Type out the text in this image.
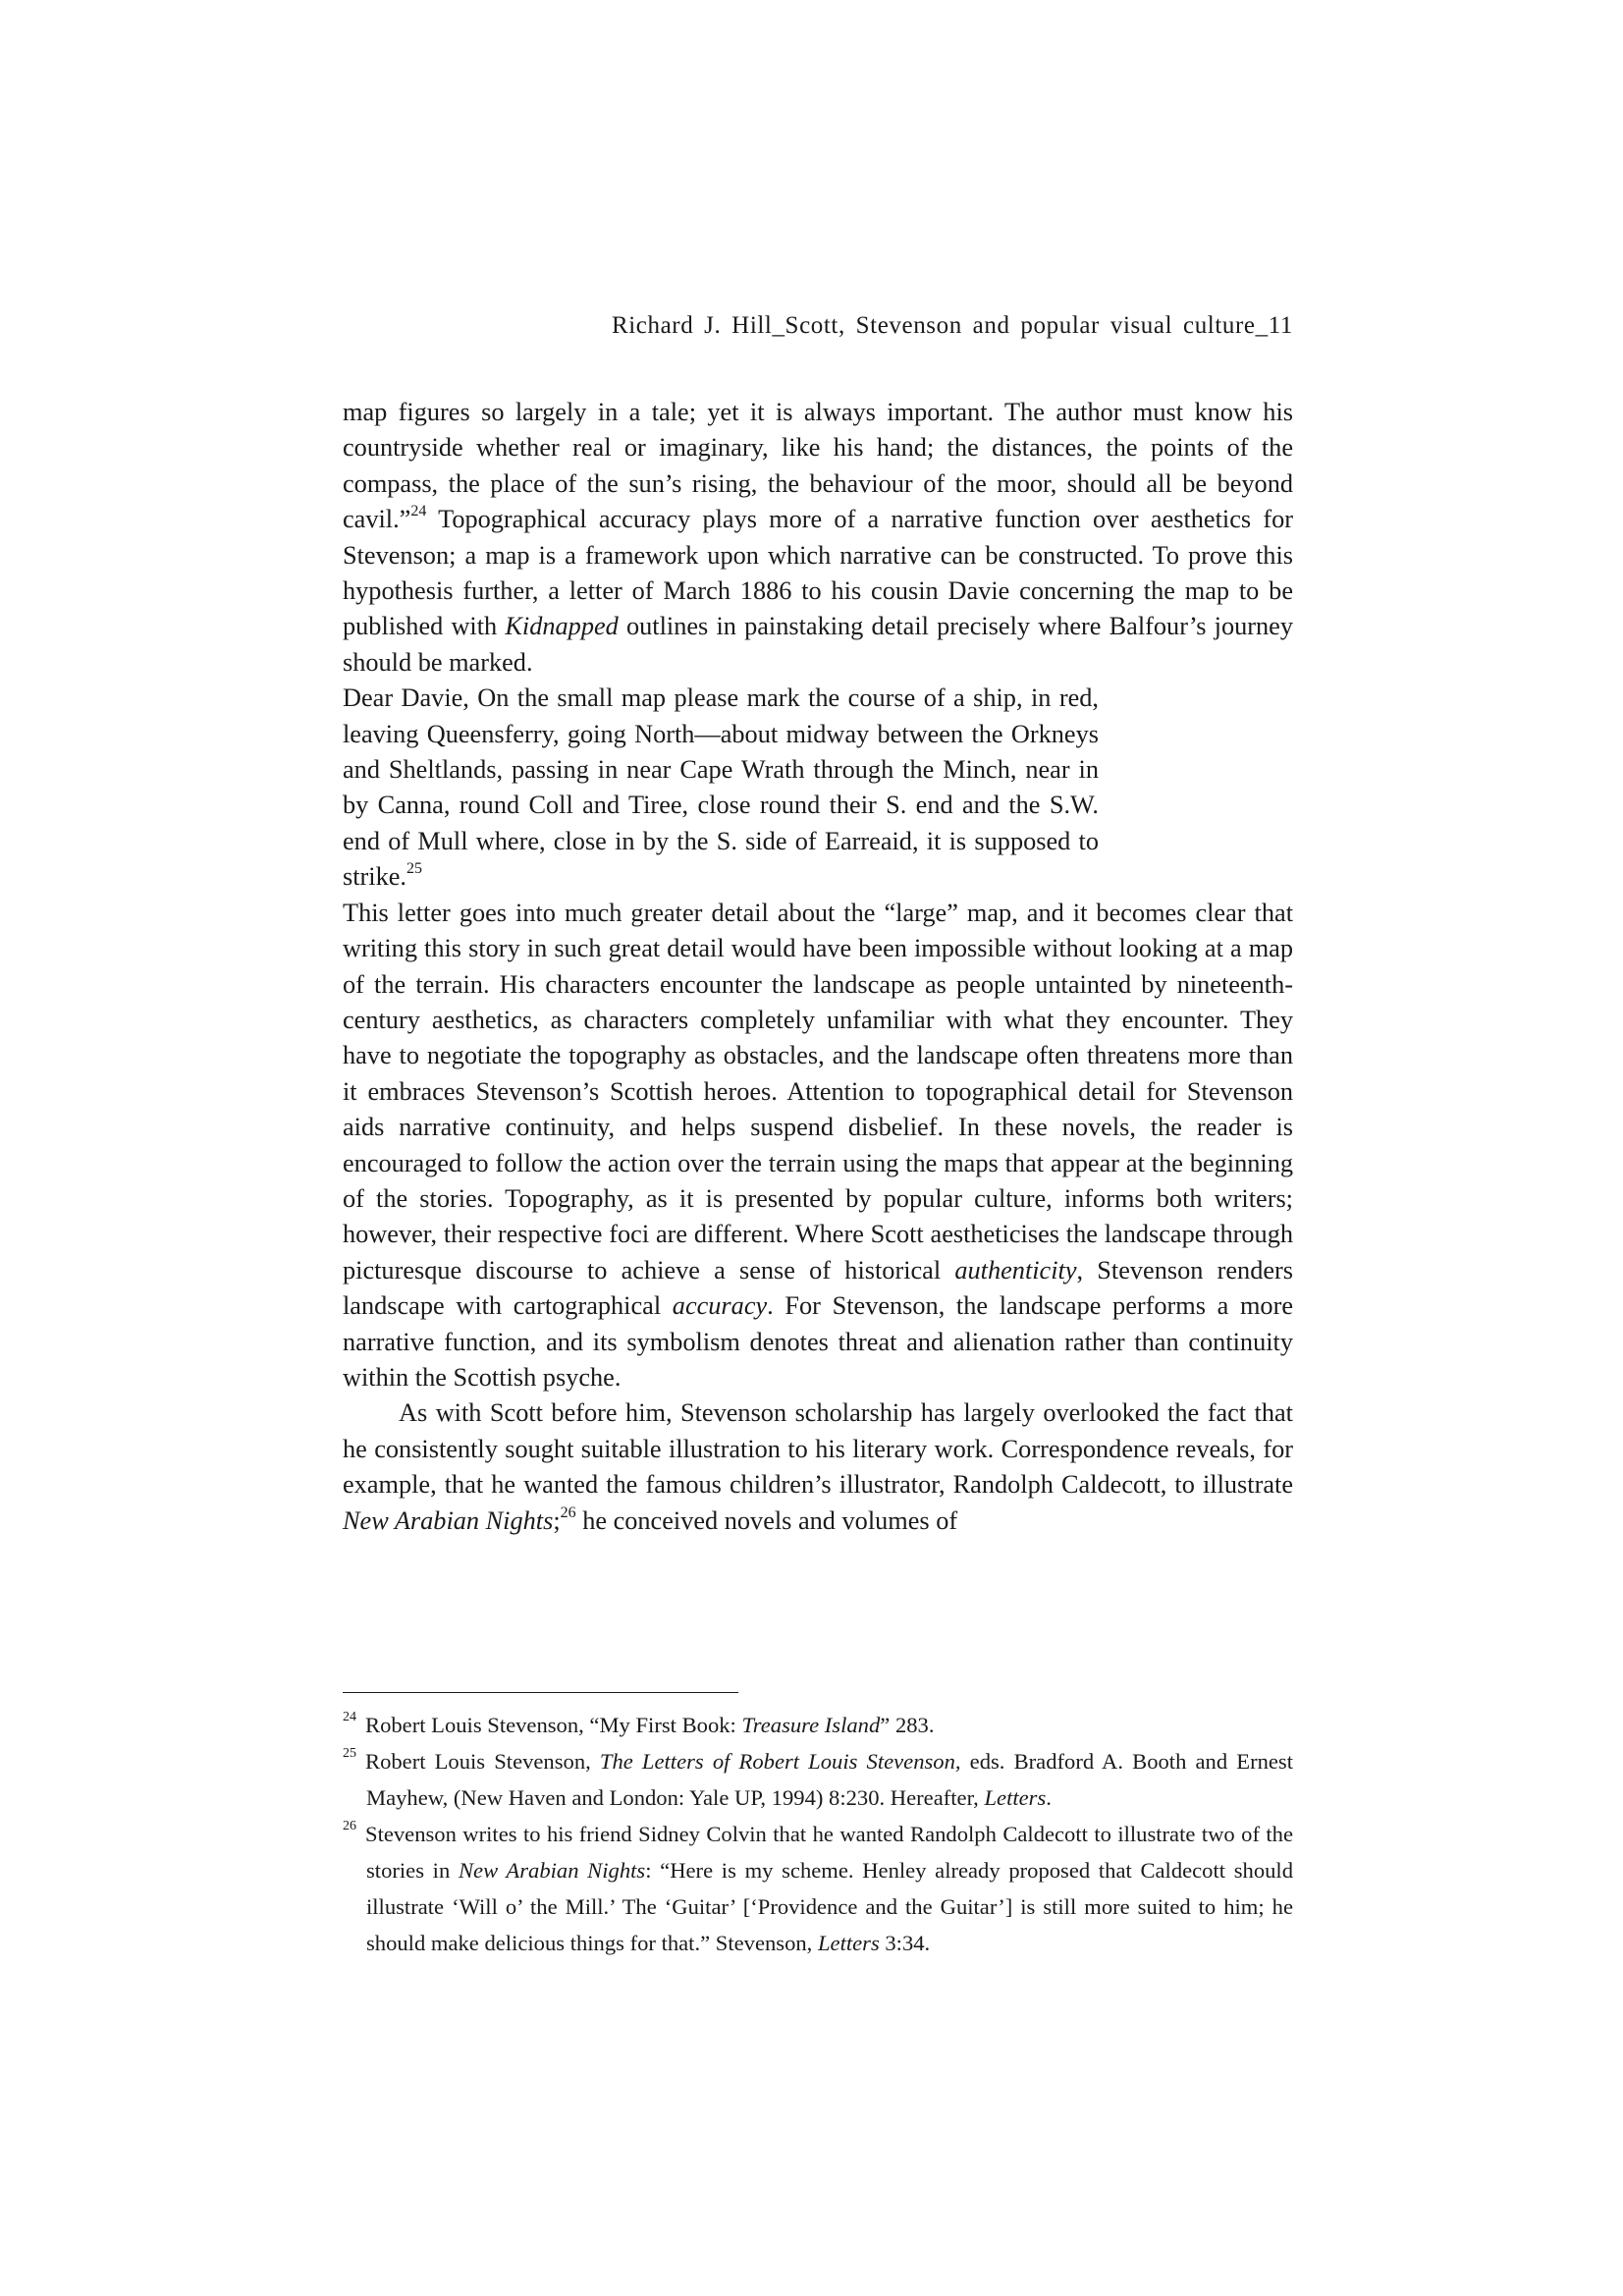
Richard J. Hill_Scott, Stevenson and popular visual culture_11

map figures so largely in a tale; yet it is always important. The author must know his countryside whether real or imaginary, like his hand; the distances, the points of the compass, the place of the sun’s rising, the behaviour of the moor, should all be beyond cavil.”$^{24}$ Topographical accuracy plays more of a narrative function over aesthetics for Stevenson; a map is a framework upon which narrative can be constructed. To prove this hypothesis further, a letter of March 1886 to his cousin Davie concerning the map to be published with Kidnapped outlines in painstaking detail precisely where Balfour’s journey should be marked.

Dear Davie, On the small map please mark the course of a ship, in red, leaving Queensferry, going North—about midway between the Orkneys and Sheltlands, passing in near Cape Wrath through the Minch, near in by Canna, round Coll and Tiree, close round their S. end and the S.W. end of Mull where, close in by the S. side of Earreaid, it is supposed to strike.$^{25}$

This letter goes into much greater detail about the “large” map, and it becomes clear that writing this story in such great detail would have been impossible without looking at a map of the terrain. His characters encounter the landscape as people untainted by nineteenth-century aesthetics, as characters completely unfamiliar with what they encounter. They have to negotiate the topography as obstacles, and the landscape often threatens more than it embraces Stevenson’s Scottish heroes. Attention to topographical detail for Stevenson aids narrative continuity, and helps suspend disbelief. In these novels, the reader is encouraged to follow the action over the terrain using the maps that appear at the beginning of the stories. Topography, as it is presented by popular culture, informs both writers; however, their respective foci are different. Where Scott aestheticises the landscape through picturesque discourse to achieve a sense of historical authenticity, Stevenson renders landscape with cartographical accuracy. For Stevenson, the landscape performs a more narrative function, and its symbolism denotes threat and alienation rather than continuity within the Scottish psyche.

As with Scott before him, Stevenson scholarship has largely overlooked the fact that he consistently sought suitable illustration to his literary work. Correspondence reveals, for example, that he wanted the famous children’s illustrator, Randolph Caldecott, to illustrate New Arabian Nights;$^{26}$ he conceived novels and volumes of

$^{24}$ Robert Louis Stevenson, “My First Book: Treasure Island” 283.

$^{25}$ Robert Louis Stevenson, The Letters of Robert Louis Stevenson, eds. Bradford A. Booth and Ernest Mayhew, (New Haven and London: Yale UP, 1994) 8:230. Hereafter, Letters.

$^{26}$ Stevenson writes to his friend Sidney Colvin that he wanted Randolph Caldecott to illustrate two of the stories in New Arabian Nights: “Here is my scheme. Henley already proposed that Caldecott should illustrate ‘Will o’ the Mill.’ The ‘Guitar’ [‘Providence and the Guitar’] is still more suited to him; he should make delicious things for that.” Stevenson, Letters 3:34.
